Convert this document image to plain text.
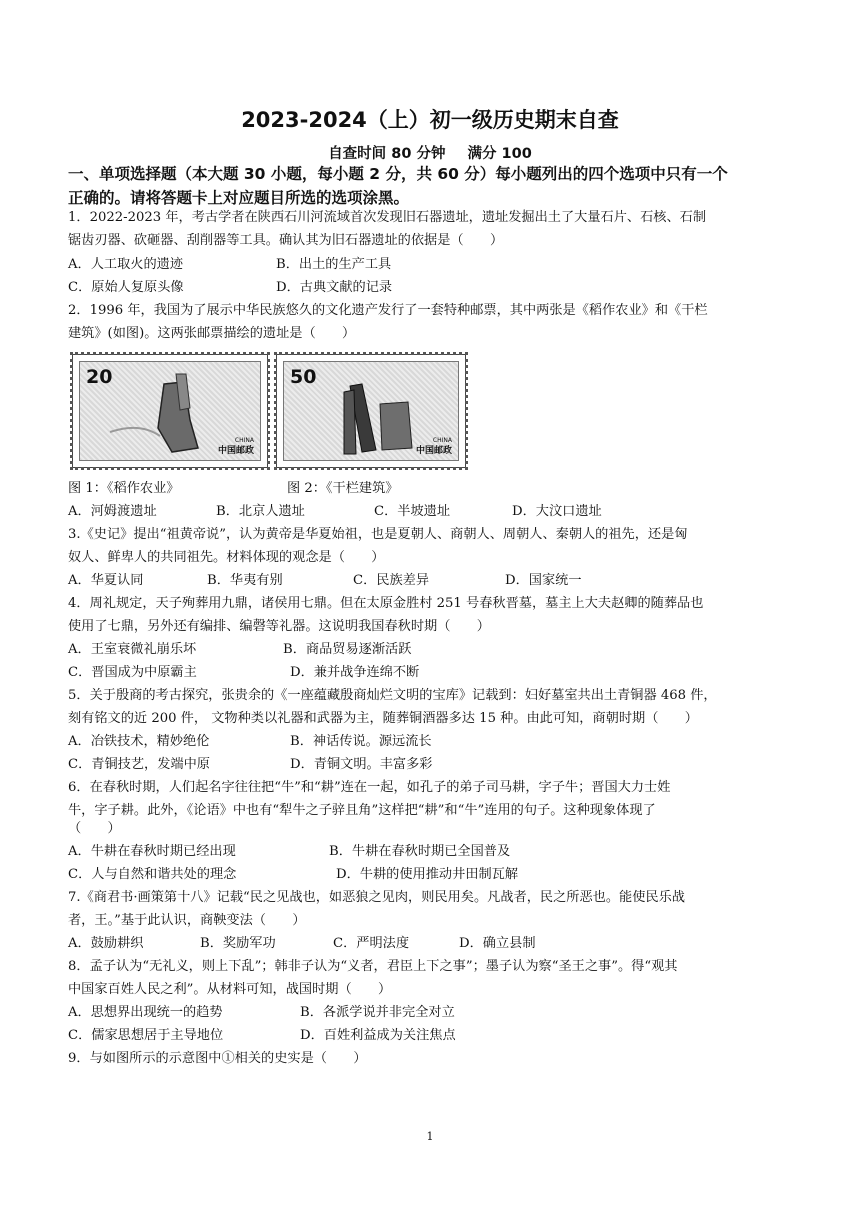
2023-2024（上）初一级历史期末自查
自查时间 80 分钟 满分 100
一、单项选择题（本大题 30 小题，每小题 2 分，共 60 分）每小题列出的四个选项中只有一个
正确的。请将答题卡上对应题目所选的选项涂黑。
1．2022-2023 年，考古学者在陕西石川河流域首次发现旧石器遗址，遗址发掘出土了大量石片、石核、石制
锯齿刃器、砍砸器、刮削器等工具。确认其为旧石器遗址的依据是（　　）
A．人工取火的遗迹	B．出土的生产工具
C．原始人复原头像	D．古典文献的记录
2．1996 年，我国为了展示中华民族悠久的文化遗产发行了一套特种邮票，其中两张是《稻作农业》和《干栏
建筑》(如图)。这两张邮票描绘的遗址是（　　）
20
CHINA
中国邮政
50
CHINA
中国邮政
图 1：《稻作农业》	图 2：《干栏建筑》
A．河姆渡遗址	B．北京人遗址	C．半坡遗址	D．大汶口遗址
3.《史记》提出“祖黄帝说”，认为黄帝是华夏始祖，也是夏朝人、商朝人、周朝人、秦朝人的祖先，还是匈
奴人、鲜卑人的共同祖先。材料体现的观念是（　　）
A．华夏认同	B．华夷有别	C．民族差异	D．国家统一
4．周礼规定，天子殉葬用九鼎，诸侯用七鼎。但在太原金胜村 251 号春秋晋墓，墓主上大夫赵卿的随葬品也
使用了七鼎，另外还有编排、编磬等礼器。这说明我国春秋时期（　　）
A．王室衰微礼崩乐坏	B．商品贸易逐渐活跃
C．晋国成为中原霸主	D．兼并战争连绵不断
5．关于殷商的考古探究，张贵余的《一座蕴藏殷商灿烂文明的宝库》记载到：妇好墓室共出土青铜器 468 件，
刻有铭文的近 200 件， 文物种类以礼器和武器为主，随葬铜酒器多达 15 种。由此可知，商朝时期（　　）
A．冶铁技术，精妙绝伦	B．神话传说。源远流长
C．青铜技艺，发端中原	D．青铜文明。丰富多彩
6．在春秋时期，人们起名字往往把“牛”和“耕”连在一起，如孔子的弟子司马耕，字子牛；晋国大力士姓
牛，字子耕。此外，《论语》中也有“犁牛之子骍且角”这样把“耕”和“牛”连用的句子。这种现象体现了
（　　）
A．牛耕在春秋时期已经出现	B．牛耕在春秋时期已全国普及
C．人与自然和谐共处的理念	D．牛耕的使用推动井田制瓦解
7.《商君书·画策第十八》记载“民之见战也，如恶狼之见肉，则民用矣。凡战者，民之所恶也。能使民乐战
者，王。”基于此认识，商鞅变法（　　）
A．鼓励耕织	B．奖励军功	C．严明法度	D．确立县制
8．孟子认为“无礼义，则上下乱”；韩非子认为“义者，君臣上下之事”；墨子认为察“圣王之事”。得“观其
中国家百姓人民之利”。从材料可知，战国时期（　　）
A．思想界出现统一的趋势	B．各派学说并非完全对立
C．儒家思想居于主导地位	D．百姓利益成为关注焦点
9．与如图所示的示意图中①相关的史实是（　　）
1
